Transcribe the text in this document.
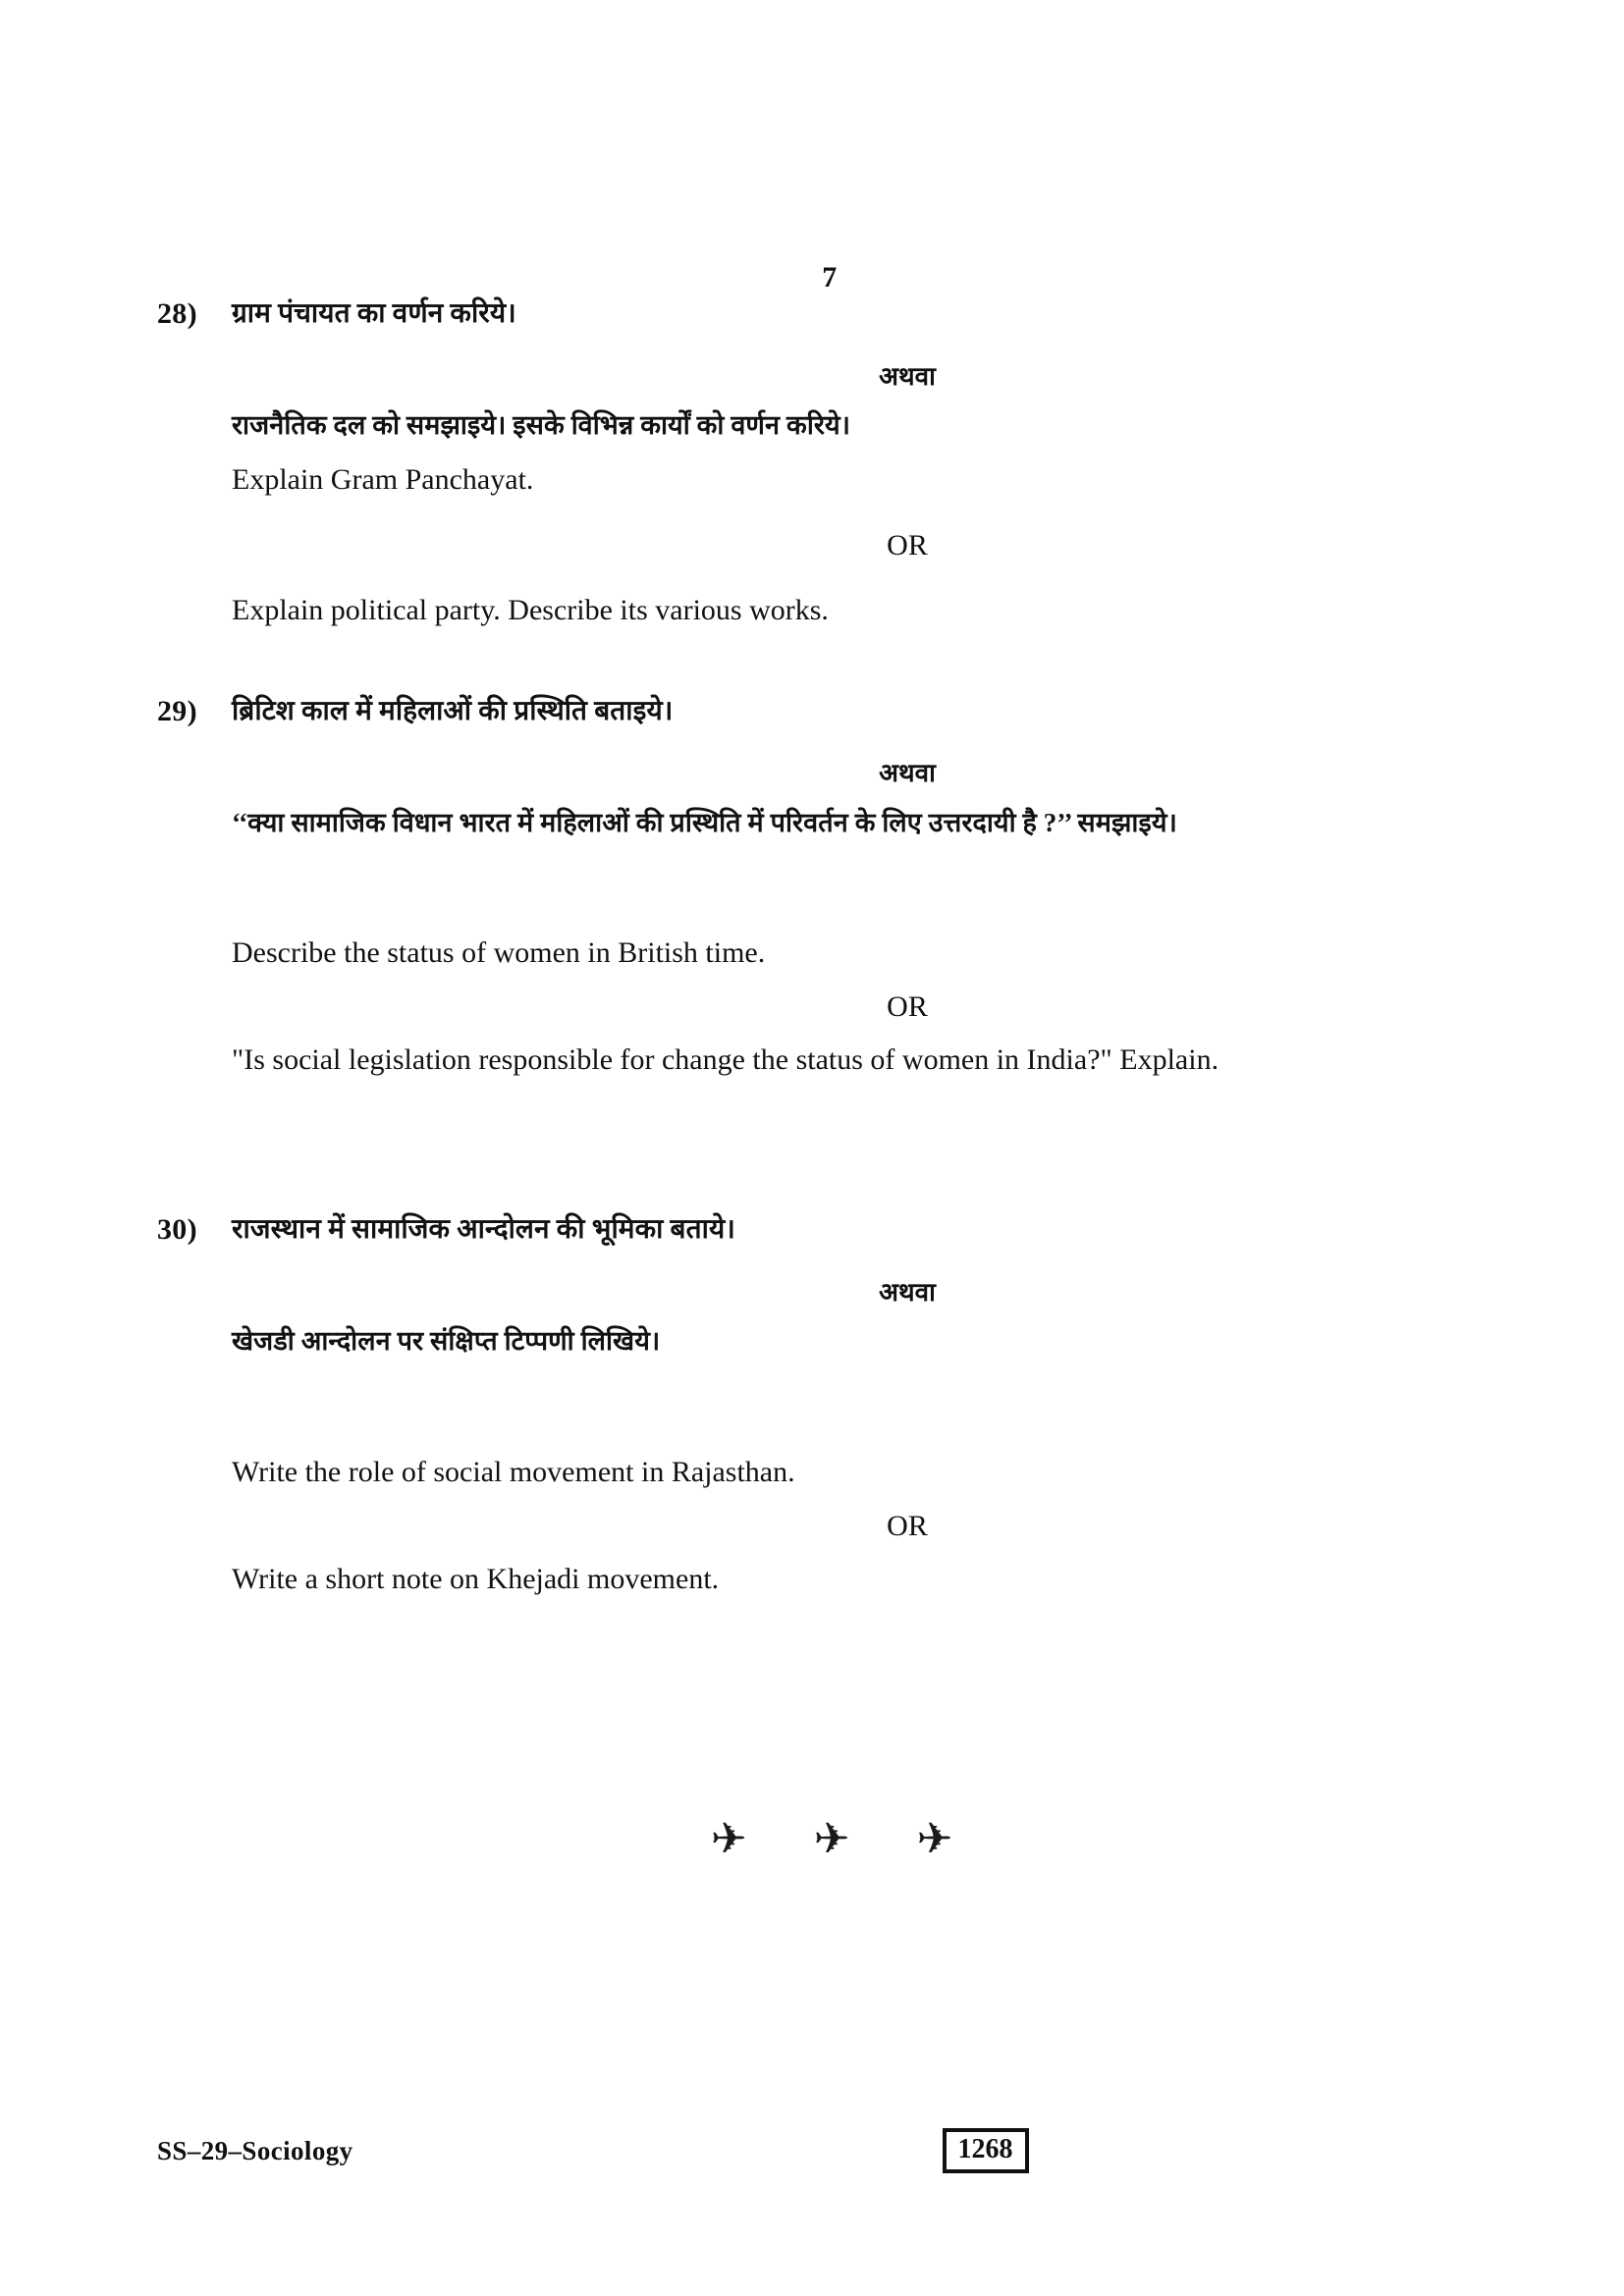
7
28)	ग्राम पंचायत का वर्णन करिये।
अथवा
राजनैतिक दल को समझाइये। इसके विभिन्न कार्यों को वर्णन करिये।
Explain Gram Panchayat.
OR
Explain political party. Describe its various works.
29)	ब्रिटिश काल में महिलाओं की प्रस्थिति बताइये।
अथवा
‘‘क्या सामाजिक विधान भारत में महिलाओं की प्रस्थिति में परिवर्तन के लिए उत्तरदायी है ?’’ समझाइये।
Describe the status of women in British time.
OR
"Is social legislation responsible for change the status of women in India?" Explain.
30)	राजस्थान में सामाजिक आन्दोलन की भूमिका बताये।
अथवा
खेजडी आन्दोलन पर संक्षिप्त टिप्पणी लिखिये।
Write the role of social movement in Rajasthan.
OR
Write a short note on Khejadi movement.
✈ ✈ ✈
SS–29–Sociology	1268
